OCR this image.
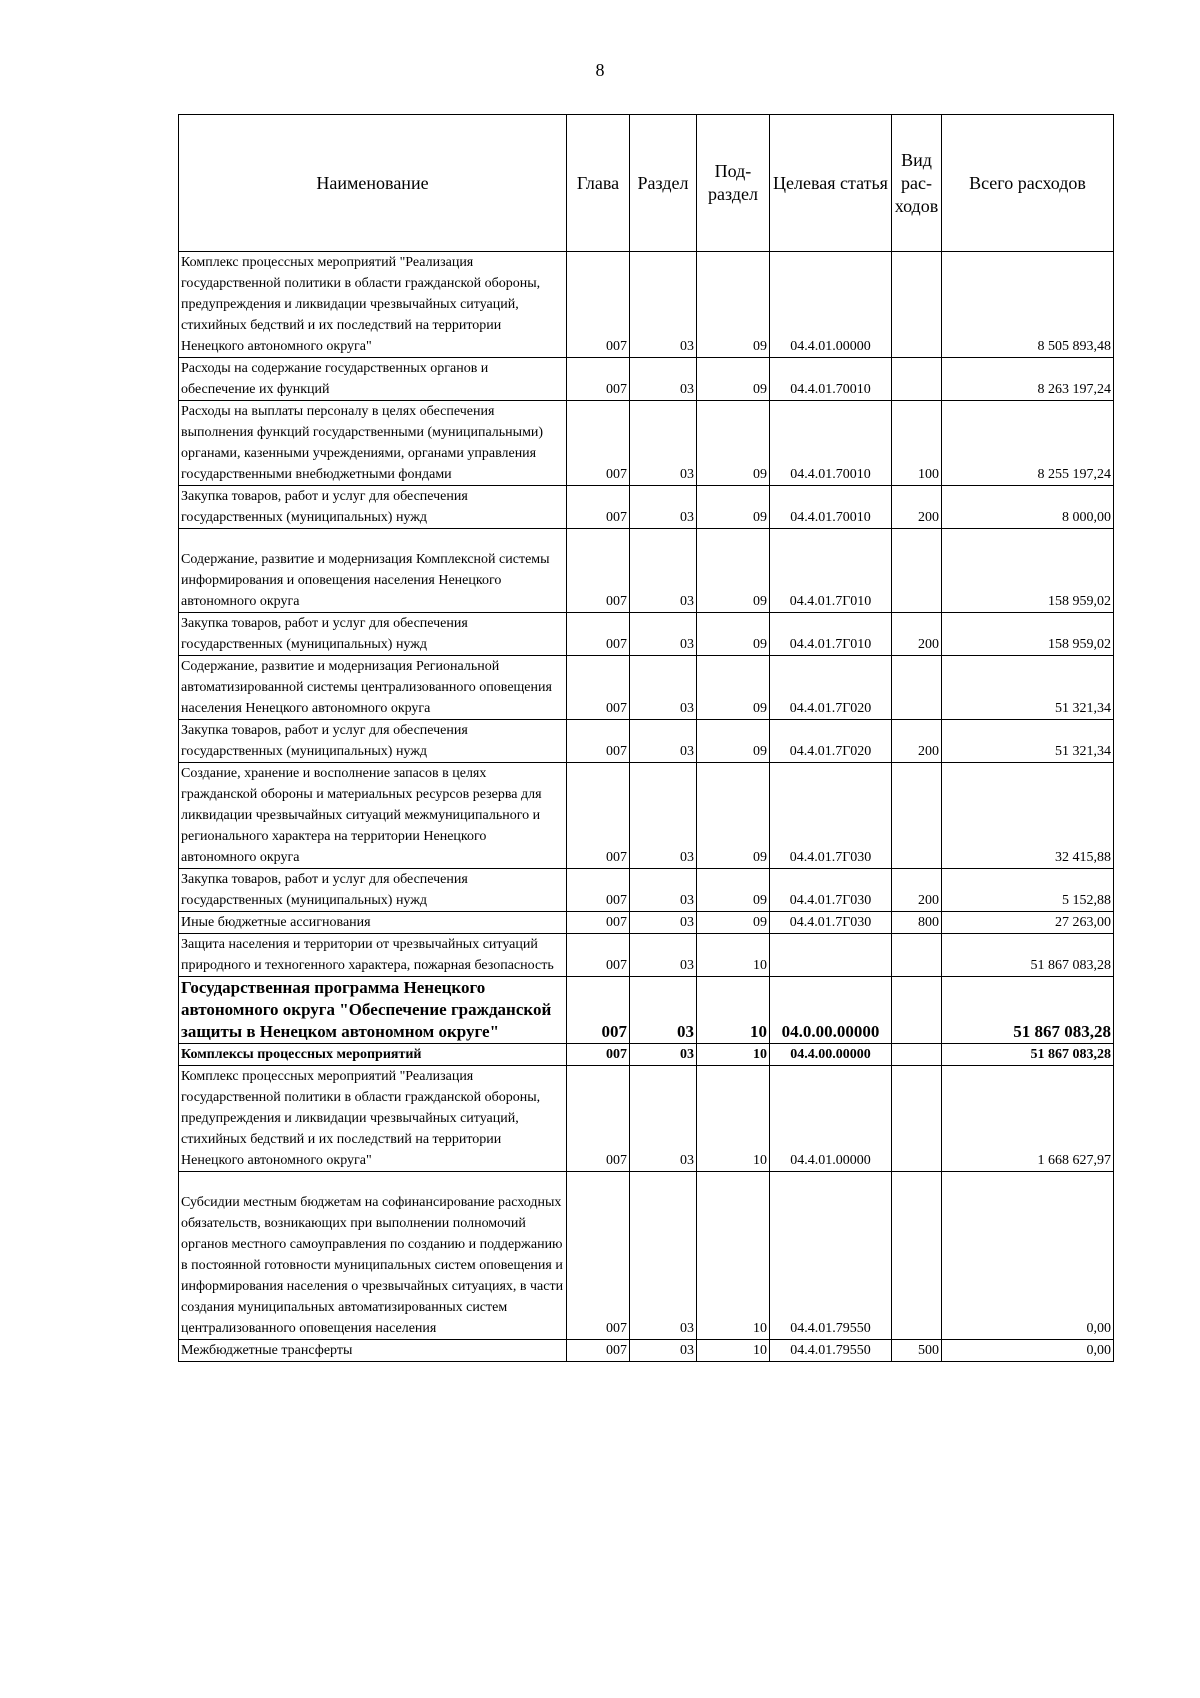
8
Наименование	Глава	Раздел	Под- раздел	Целевая статья	Вид рас- ходов	Всего расходов
Комплекс процессных мероприятий "Реализация государственной политики в области гражданской обороны, предупреждения и ликвидации чрезвычайных ситуаций, стихийных бедствий и их последствий на территории Ненецкого автономного округа"	007	03	09	04.4.01.00000		8 505 893,48
Расходы на содержание государственных органов и обеспечение их функций	007	03	09	04.4.01.70010		8 263 197,24
Расходы на выплаты персоналу в целях обеспечения выполнения функций государственными (муниципальными) органами, казенными учреждениями, органами управления государственными внебюджетными фондами	007	03	09	04.4.01.70010	100	8 255 197,24
Закупка товаров, работ и услуг для обеспечения государственных (муниципальных) нужд	007	03	09	04.4.01.70010	200	8 000,00

Содержание, развитие и модернизация Комплексной системы информирования и оповещения населения Ненецкого автономного округа	007	03	09	04.4.01.7Г010		158 959,02
Закупка товаров, работ и услуг для обеспечения государственных (муниципальных) нужд	007	03	09	04.4.01.7Г010	200	158 959,02
Содержание, развитие и модернизация Региональной автоматизированной системы централизованного оповещения населения Ненецкого автономного округа	007	03	09	04.4.01.7Г020		51 321,34
Закупка товаров, работ и услуг для обеспечения государственных (муниципальных) нужд	007	03	09	04.4.01.7Г020	200	51 321,34
Создание, хранение и восполнение запасов в целях гражданской обороны и материальных ресурсов резерва для ликвидации чрезвычайных ситуаций межмуниципального и регионального характера на территории Ненецкого автономного округа	007	03	09	04.4.01.7Г030		32 415,88
Закупка товаров, работ и услуг для обеспечения государственных (муниципальных) нужд	007	03	09	04.4.01.7Г030	200	5 152,88
Иные бюджетные ассигнования	007	03	09	04.4.01.7Г030	800	27 263,00
Защита населения и территории от чрезвычайных ситуаций природного и техногенного характера, пожарная безопасность	007	03	10			51 867 083,28
Государственная программа Ненецкого автономного округа "Обеспечение гражданской защиты в Ненецком автономном округе"	007	03	10	04.0.00.00000		51 867 083,28
Комплексы процессных мероприятий	007	03	10	04.4.00.00000		51 867 083,28
Комплекс процессных мероприятий "Реализация государственной политики в области гражданской обороны, предупреждения и ликвидации чрезвычайных ситуаций, стихийных бедствий и их последствий на территории Ненецкого автономного округа"	007	03	10	04.4.01.00000		1 668 627,97

Субсидии местным бюджетам на софинансирование расходных обязательств, возникающих при выполнении полномочий органов местного самоуправления по созданию и поддержанию в постоянной готовности муниципальных систем оповещения и информирования населения о чрезвычайных ситуациях, в части создания муниципальных автоматизированных систем централизованного оповещения населения	007	03	10	04.4.01.79550		0,00
Межбюджетные трансферты	007	03	10	04.4.01.79550	500	0,00
